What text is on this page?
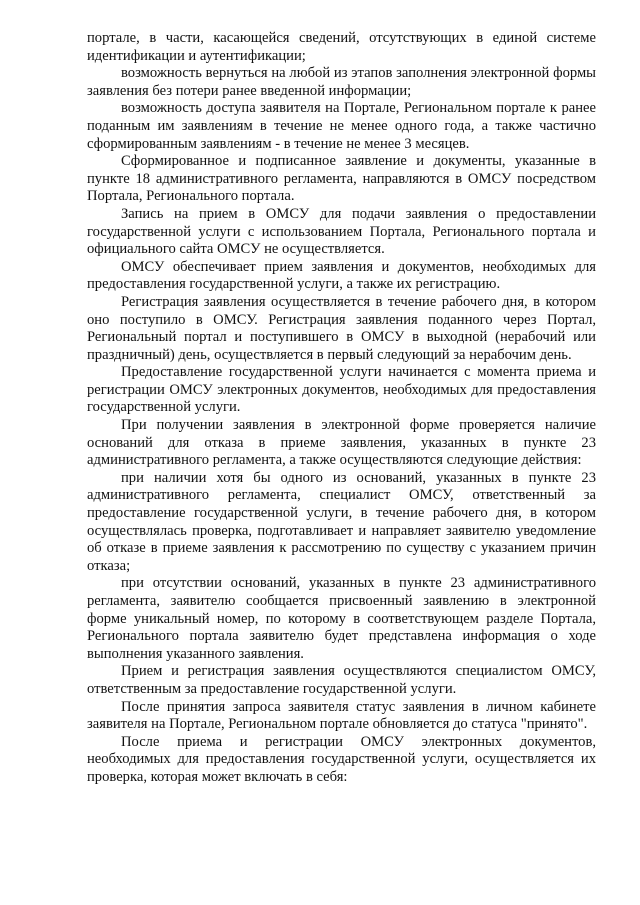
порталe, в части, касающейся сведений, отсутствующих в единой системе идентификации и аутентификации;

возможность вернуться на любой из этапов заполнения электронной формы заявления без потери ранее введенной информации;

возможность доступа заявителя на Портале, Региональном портале к ранее поданным им заявлениям в течение не менее одного года, а также частично сформированным заявлениям - в течение не менее 3 месяцев.

Сформированное и подписанное заявление и документы, указанные в пункте 18 административного регламента, направляются в ОМСУ посредством Портала, Регионального портала.

Запись на прием в ОМСУ для подачи заявления о предоставлении государственной услуги с использованием Портала, Регионального портала и официального сайта ОМСУ не осуществляется.

ОМСУ обеспечивает прием заявления и документов, необходимых для предоставления государственной услуги, а также их регистрацию.

Регистрация заявления осуществляется в течение рабочего дня, в котором оно поступило в ОМСУ. Регистрация заявления поданного через Портал, Региональный портал и поступившего в ОМСУ в выходной (нерабочий или праздничный) день, осуществляется в первый следующий за нерабочим день.

Предоставление государственной услуги начинается с момента приема и регистрации ОМСУ электронных документов, необходимых для предоставления государственной услуги.

При получении заявления в электронной форме проверяется наличие оснований для отказа в приеме заявления, указанных в пункте 23 административного регламента, а также осуществляются следующие действия:

при наличии хотя бы одного из оснований, указанных в пункте 23 административного регламента, специалист ОМСУ, ответственный за предоставление государственной услуги, в течение рабочего дня, в котором осуществлялась проверка, подготавливает и направляет заявителю уведомление об отказе в приеме заявления к рассмотрению по существу с указанием причин отказа;

при отсутствии оснований, указанных в пункте 23 административного регламента, заявителю сообщается присвоенный заявлению в электронной форме уникальный номер, по которому в соответствующем разделе Портала, Регионального портала заявителю будет представлена информация о ходе выполнения указанного заявления.

Прием и регистрация заявления осуществляются специалистом ОМСУ, ответственным за предоставление государственной услуги.

После принятия запроса заявителя статус заявления в личном кабинете заявителя на Портале, Региональном портале обновляется до статуса "принято".

После приема и регистрации ОМСУ электронных документов, необходимых для предоставления государственной услуги, осуществляется их проверка, которая может включать в себя:
